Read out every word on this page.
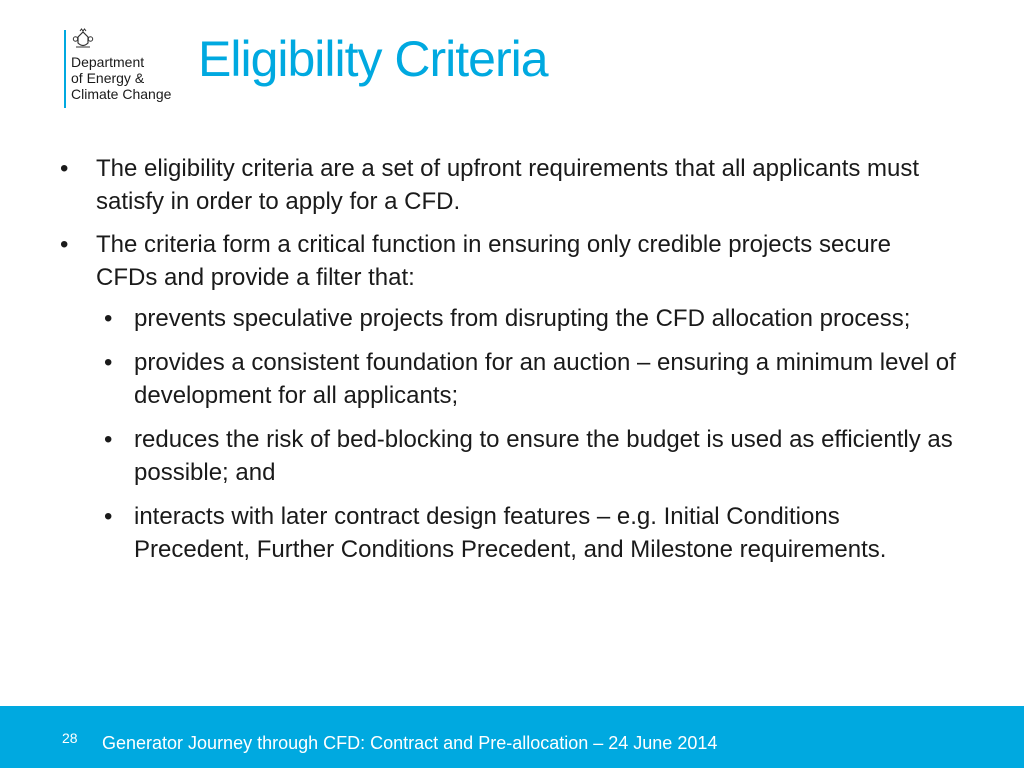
Department
of Energy &
Climate Change
Eligibility Criteria
• The eligibility criteria are a set of upfront requirements that all applicants must satisfy in order to apply for a CFD.
• The criteria form a critical function in ensuring only credible projects secure CFDs and provide a filter that:
• prevents speculative projects from disrupting the CFD allocation process;
• provides a consistent foundation for an auction – ensuring a minimum level of development for all applicants;
• reduces the risk of bed-blocking to ensure the budget is used as efficiently as possible; and
• interacts with later contract design features – e.g. Initial Conditions Precedent, Further Conditions Precedent, and Milestone requirements.
28 Generator Journey through CFD: Contract and Pre-allocation – 24 June 2014
